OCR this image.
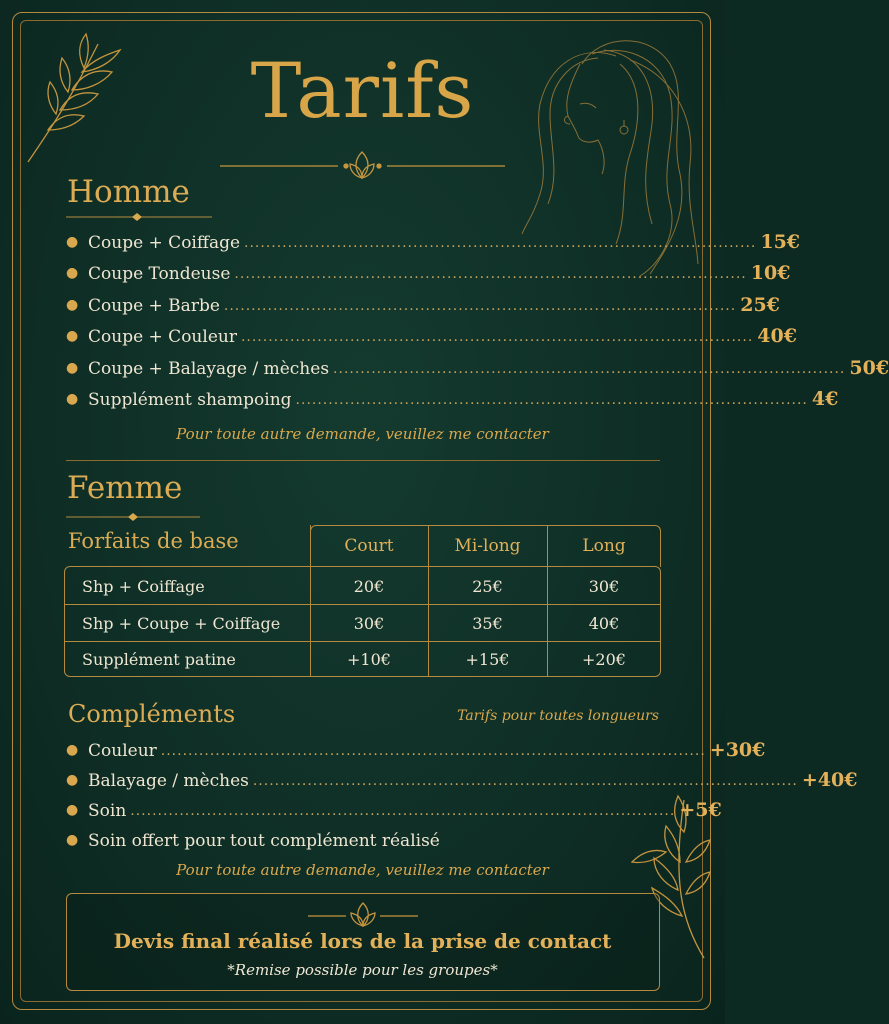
Tarifs
Homme
● Coupe + Coiffage .............................................................................................. 15€
● Coupe Tondeuse .............................................................................................. 10€
● Coupe + Barbe .............................................................................................. 25€
● Coupe + Couleur .............................................................................................. 40€
● Coupe + Balayage / mèches .............................................................................................. 50€
● Supplément shampoing .............................................................................................. 4€
Pour toute autre demande, veuillez me contacter
Femme
Forfaits de base	Court	Mi-long	Long
Shp + Coiffage	20€	25€	30€
Shp + Coupe + Coiffage	30€	35€	40€
Supplément patine	+10€	+15€	+20€
Compléments	Tarifs pour toutes longueurs
● Couleur .................................................................................................... +30€
● Balayage / mèches .................................................................................................... +40€
● Soin .................................................................................................... +5€
● Soin offert pour tout complément réalisé
Pour toute autre demande, veuillez me contacter
Devis final réalisé lors de la prise de contact
*Remise possible pour les groupes*
